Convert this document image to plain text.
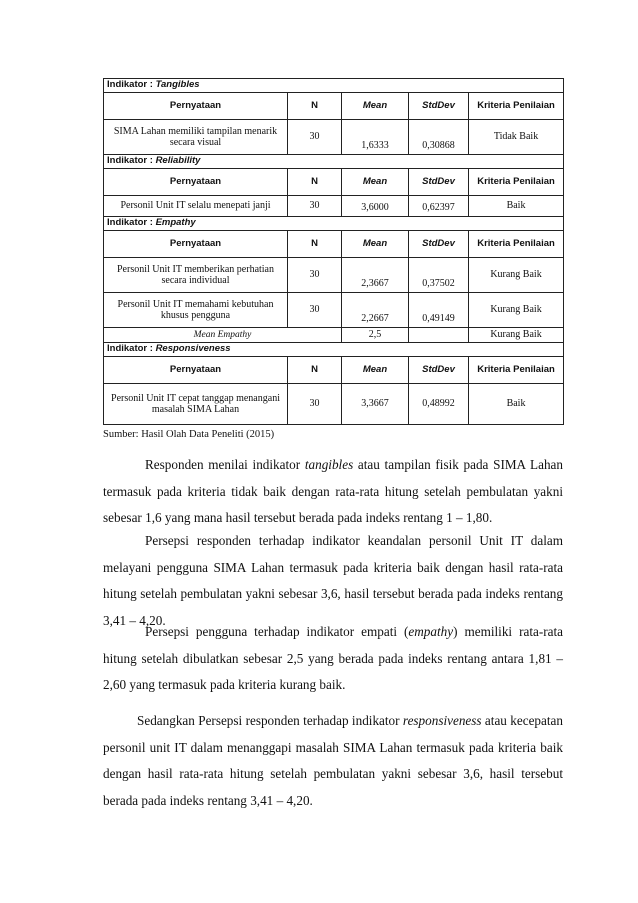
Indikator : Tangibles				
Pernyataan	N	Mean	StdDev	Kriteria Penilaian
SIMA Lahan memiliki tampilan menarik secara visual	30	1,6333	0,30868	Tidak Baik
Indikator : Reliability				
Pernyataan	N	Mean	StdDev	Kriteria Penilaian
Personil Unit IT selalu menepati janji	30	3,6000	0,62397	Baik
Indikator : Empathy				
Pernyataan	N	Mean	StdDev	Kriteria Penilaian
Personil Unit IT memberikan perhatian secara individual	30	2,3667	0,37502	Kurang Baik
Personil Unit IT memahami kebutuhan khusus pengguna	30	2,2667	0,49149	Kurang Baik
Mean Empathy		2,5		Kurang Baik
Indikator : Responsiveness				
Pernyataan	N	Mean	StdDev	Kriteria Penilaian
Personil Unit IT cepat tanggap menangani masalah SIMA Lahan	30	3,3667	0,48992	Baik
Sumber: Hasil Olah Data Peneliti (2015)

Responden menilai indikator tangibles atau tampilan fisik pada SIMA Lahan termasuk pada kriteria tidak baik dengan rata-rata hitung setelah pembulatan yakni sebesar 1,6 yang mana hasil tersebut berada pada indeks rentang 1 – 1,80.

Persepsi responden terhadap indikator keandalan personil Unit IT dalam melayani pengguna SIMA Lahan termasuk pada kriteria baik dengan hasil rata-rata hitung setelah pembulatan yakni sebesar 3,6, hasil tersebut berada pada indeks rentang 3,41 – 4,20.

Persepsi pengguna terhadap indikator empati (empathy) memiliki rata-rata hitung setelah dibulatkan sebesar 2,5 yang berada pada indeks rentang antara 1,81 – 2,60 yang termasuk pada kriteria kurang baik.

Sedangkan Persepsi responden terhadap indikator responsiveness atau kecepatan personil unit IT dalam menanggapi masalah SIMA Lahan termasuk pada kriteria baik dengan hasil rata-rata hitung setelah pembulatan yakni sebesar 3,6, hasil tersebut berada pada indeks rentang 3,41 – 4,20.
